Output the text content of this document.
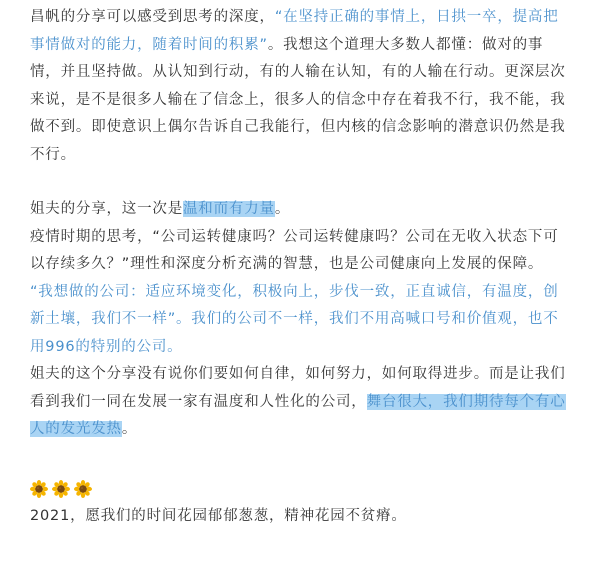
昌帆的分享可以感受到思考的深度，“在坚持正确的事情上，日拱一卒，提高把事情做对的能力，随着时间的积累”。我想这个道理大多数人都懂：做对的事情，并且坚持做。从认知到行动，有的人输在认知，有的人输在行动。更深层次来说，是不是很多人输在了信念上，很多人的信念中存在着我不行，我不能，我做不到。即使意识上偶尔告诉自己我能行，但内核的信念影响的潜意识仍然是我不行。

姐夫的分享，这一次是温和而有力量。

疫情时期的思考，“公司运转健康吗？公司运转健康吗？公司在无收入状态下可以存续多久？”理性和深度分析充满的智慧，也是公司健康向上发展的保障。

“我想做的公司：适应环境变化，积极向上，步伐一致，正直诚信，有温度，创新土壤，我们不一样”。我们的公司不一样，我们不用高喊口号和价值观，也不用996的特别的公司。

姐夫的这个分享没有说你们要如何自律，如何努力，如何取得进步。而是让我们看到我们一同在发展一家有温度和人性化的公司，舞台很大，我们期待每个有心人的发光发热。

2021，愿我们的时间花园郁郁葱葱，精神花园不贫瘠。
